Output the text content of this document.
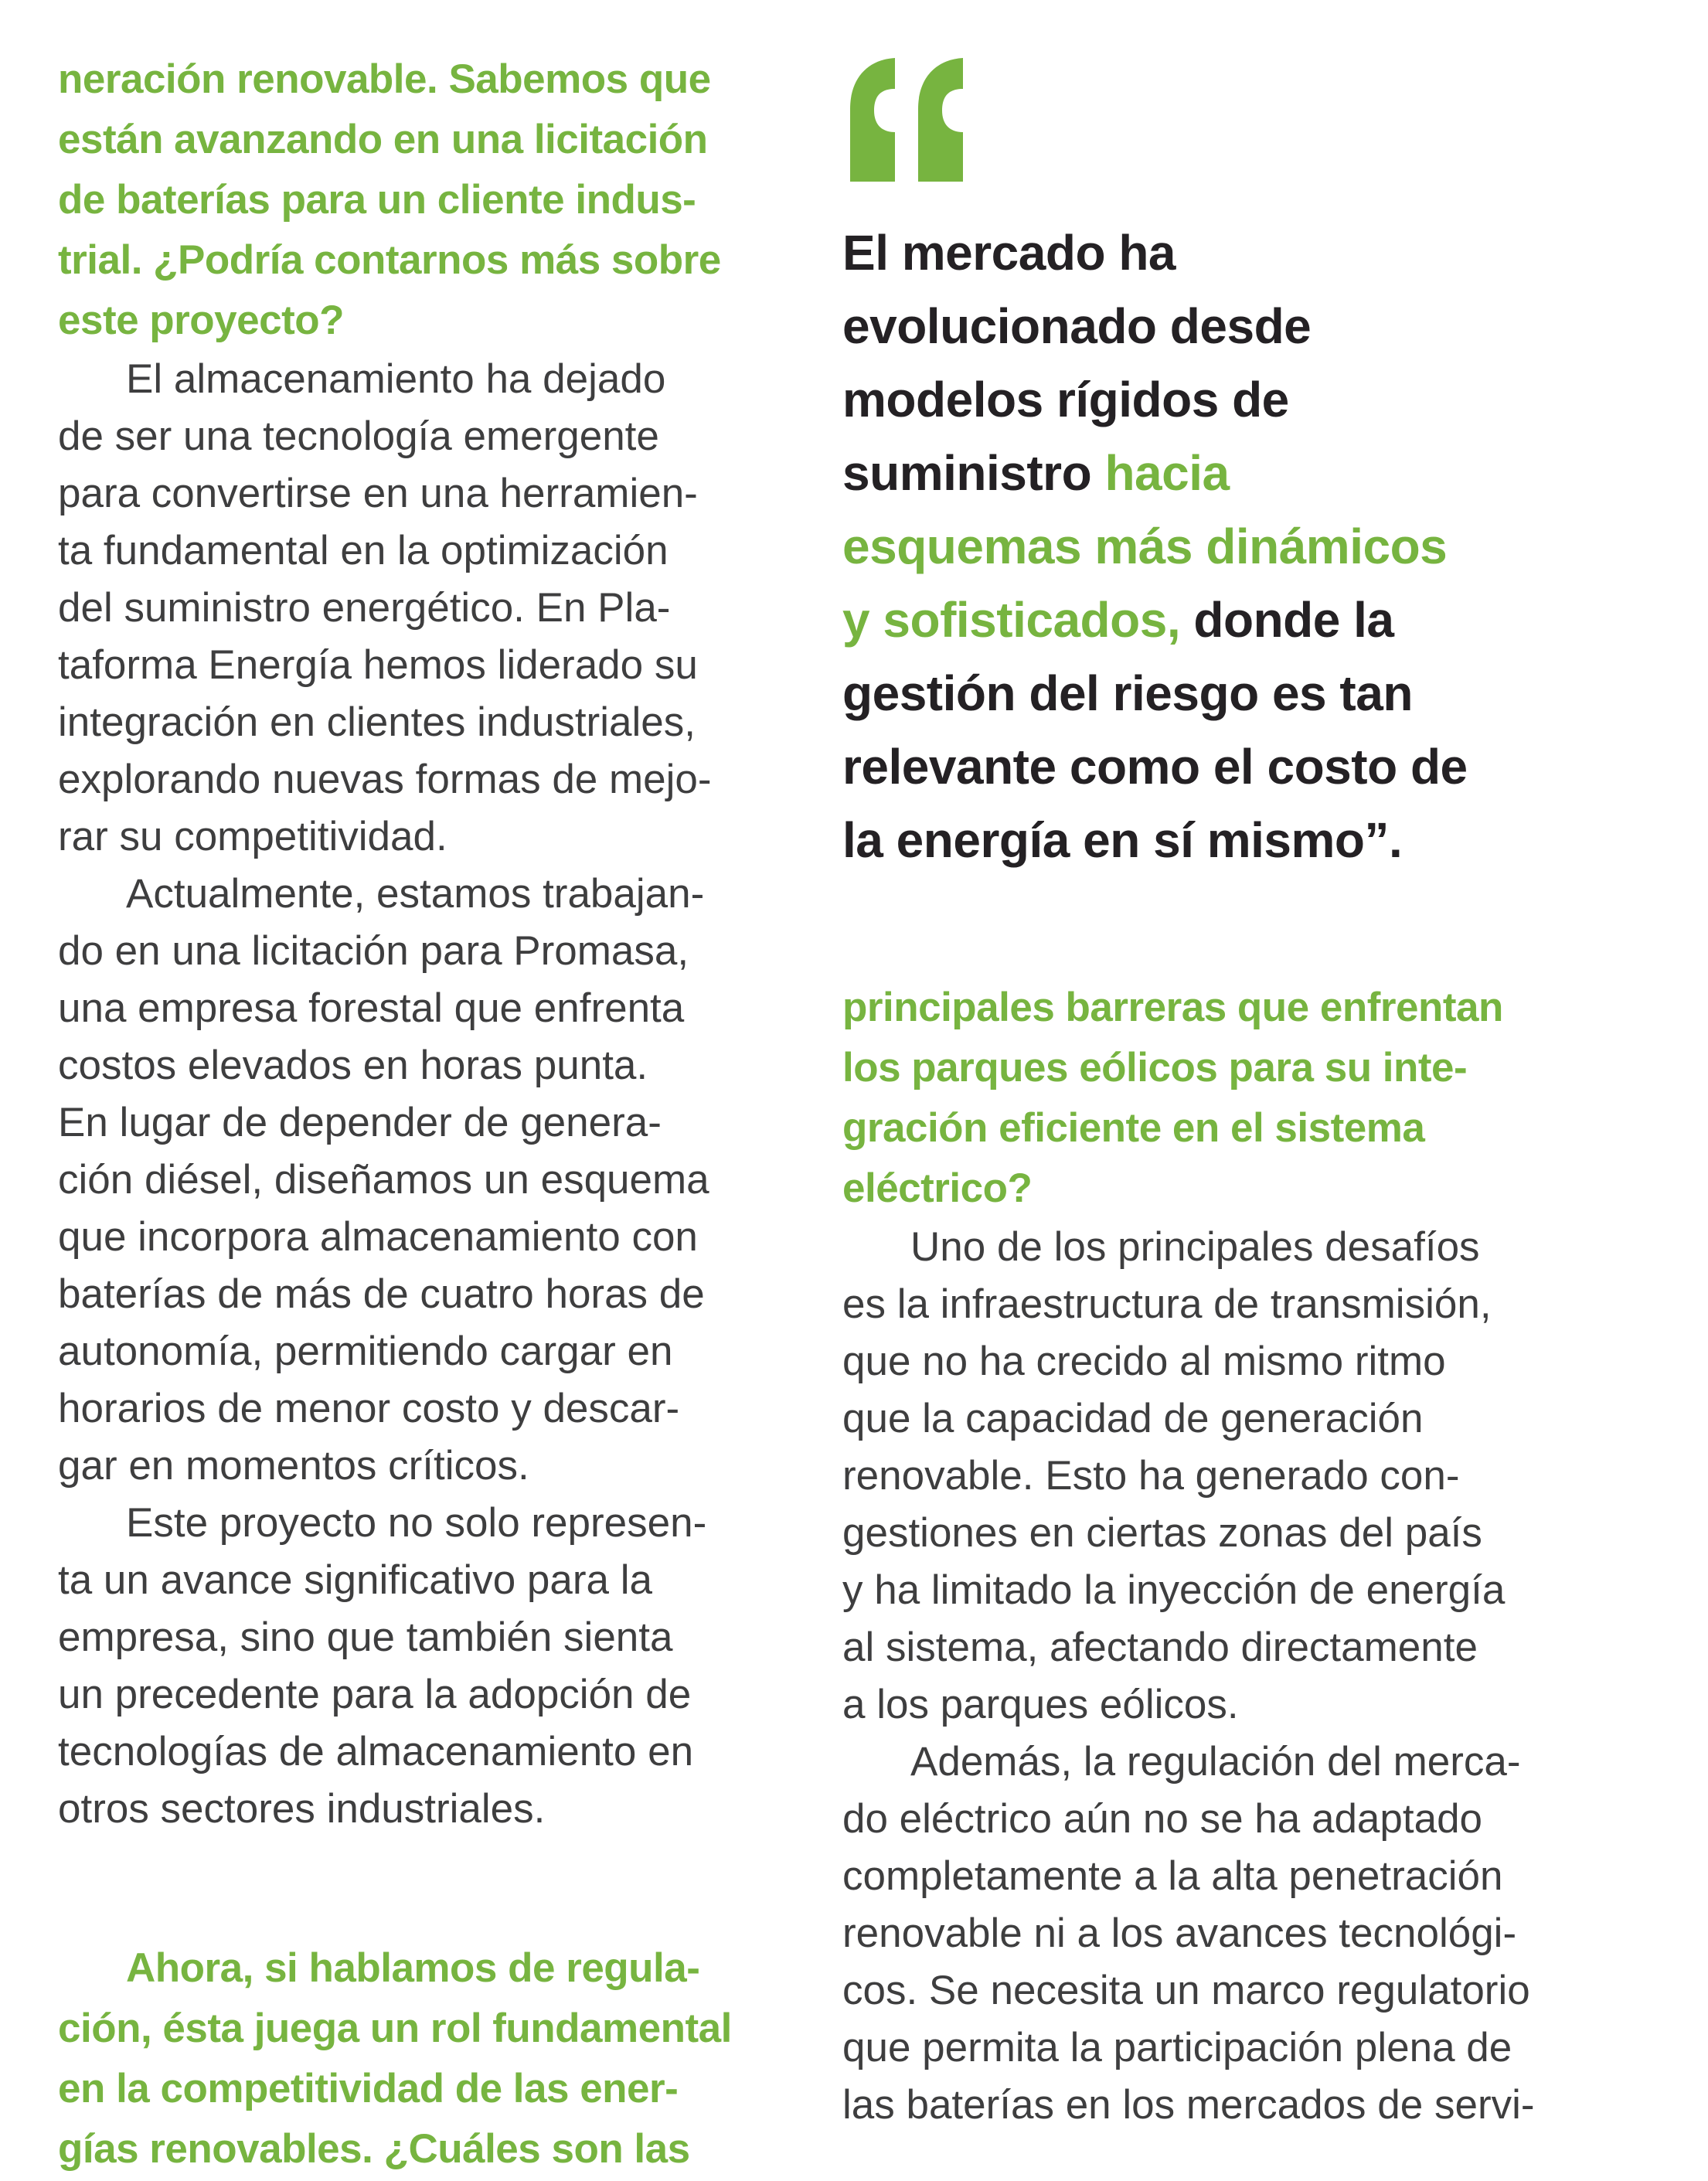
neración renovable. Sabemos que
están avanzando en una licitación
de baterías para un cliente indus-
trial. ¿Podría contarnos más sobre
este proyecto?
El almacenamiento ha dejado
de ser una tecnología emergente
para convertirse en una herramien-
ta fundamental en la optimización
del suministro energético. En Pla-
taforma Energía hemos liderado su
integración en clientes industriales,
explorando nuevas formas de mejo-
rar su competitividad.
Actualmente, estamos trabajan-
do en una licitación para Promasa,
una empresa forestal que enfrenta
costos elevados en horas punta.
En lugar de depender de genera-
ción diésel, diseñamos un esquema
que incorpora almacenamiento con
baterías de más de cuatro horas de
autonomía, permitiendo cargar en
horarios de menor costo y descar-
gar en momentos críticos.
Este proyecto no solo represen-
ta un avance significativo para la
empresa, sino que también sienta
un precedente para la adopción de
tecnologías de almacenamiento en
otros sectores industriales.
Ahora, si hablamos de regula-
ción, ésta juega un rol fundamental
en la competitividad de las ener-
gías renovables. ¿Cuáles son las
El mercado ha
evolucionado desde
modelos rígidos de
suministro hacia
esquemas más dinámicos
y sofisticados, donde la
gestión del riesgo es tan
relevante como el costo de
la energía en sí mismo”.
principales barreras que enfrentan
los parques eólicos para su inte-
gración eficiente en el sistema
eléctrico?
Uno de los principales desafíos
es la infraestructura de transmisión,
que no ha crecido al mismo ritmo
que la capacidad de generación
renovable. Esto ha generado con-
gestiones en ciertas zonas del país
y ha limitado la inyección de energía
al sistema, afectando directamente
a los parques eólicos.
Además, la regulación del merca-
do eléctrico aún no se ha adaptado
completamente a la alta penetración
renovable ni a los avances tecnológi-
cos. Se necesita un marco regulatorio
que permita la participación plena de
las baterías en los mercados de servi-
